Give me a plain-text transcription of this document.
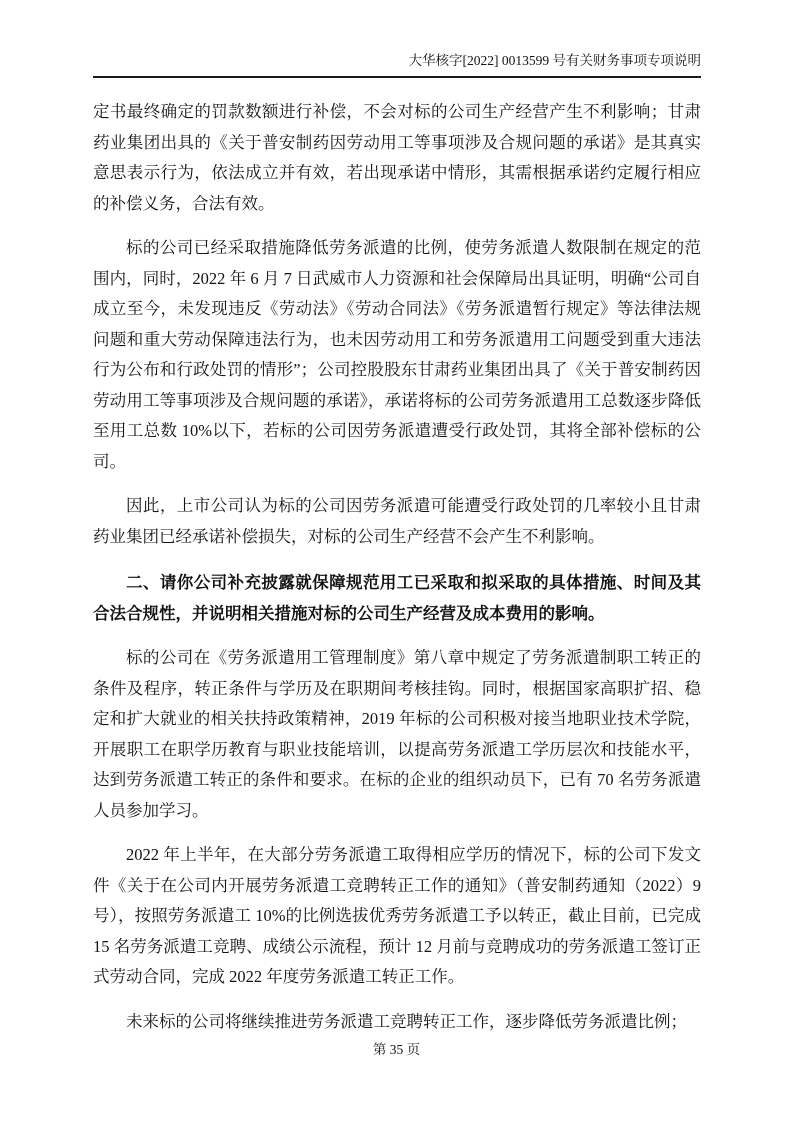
大华核字[2022] 0013599 号有关财务事项专项说明

定书最终确定的罚款数额进行补偿，不会对标的公司生产经营产生不利影响；甘肃药业集团出具的《关于普安制药因劳动用工等事项涉及合规问题的承诺》是其真实意思表示行为，依法成立并有效，若出现承诺中情形，其需根据承诺约定履行相应的补偿义务，合法有效。

标的公司已经采取措施降低劳务派遣的比例，使劳务派遣人数限制在规定的范围内，同时，2022 年 6 月 7 日武威市人力资源和社会保障局出具证明，明确“公司自成立至今，未发现违反《劳动法》《劳动合同法》《劳务派遣暂行规定》等法律法规问题和重大劳动保障违法行为，也未因劳动用工和劳务派遣用工问题受到重大违法行为公布和行政处罚的情形”；公司控股股东甘肃药业集团出具了《关于普安制药因劳动用工等事项涉及合规问题的承诺》，承诺将标的公司劳务派遣用工总数逐步降低至用工总数 10%以下，若标的公司因劳务派遣遭受行政处罚，其将全部补偿标的公司。

因此，上市公司认为标的公司因劳务派遣可能遭受行政处罚的几率较小且甘肃药业集团已经承诺补偿损失，对标的公司生产经营不会产生不利影响。

二、请你公司补充披露就保障规范用工已采取和拟采取的具体措施、时间及其合法合规性，并说明相关措施对标的公司生产经营及成本费用的影响。

标的公司在《劳务派遣用工管理制度》第八章中规定了劳务派遣制职工转正的条件及程序，转正条件与学历及在职期间考核挂钩。同时，根据国家高职扩招、稳定和扩大就业的相关扶持政策精神，2019 年标的公司积极对接当地职业技术学院，开展职工在职学历教育与职业技能培训，以提高劳务派遣工学历层次和技能水平，达到劳务派遣工转正的条件和要求。在标的企业的组织动员下，已有 70 名劳务派遣人员参加学习。

2022 年上半年，在大部分劳务派遣工取得相应学历的情况下，标的公司下发文件《关于在公司内开展劳务派遣工竞聘转正工作的通知》（普安制药通知（2022）9 号），按照劳务派遣工 10%的比例选拔优秀劳务派遣工予以转正，截止目前，已完成 15 名劳务派遣工竞聘、成绩公示流程，预计 12 月前与竞聘成功的劳务派遣工签订正式劳动合同，完成 2022 年度劳务派遣工转正工作。

未来标的公司将继续推进劳务派遣工竞聘转正工作，逐步降低劳务派遣比例；

第 35 页
